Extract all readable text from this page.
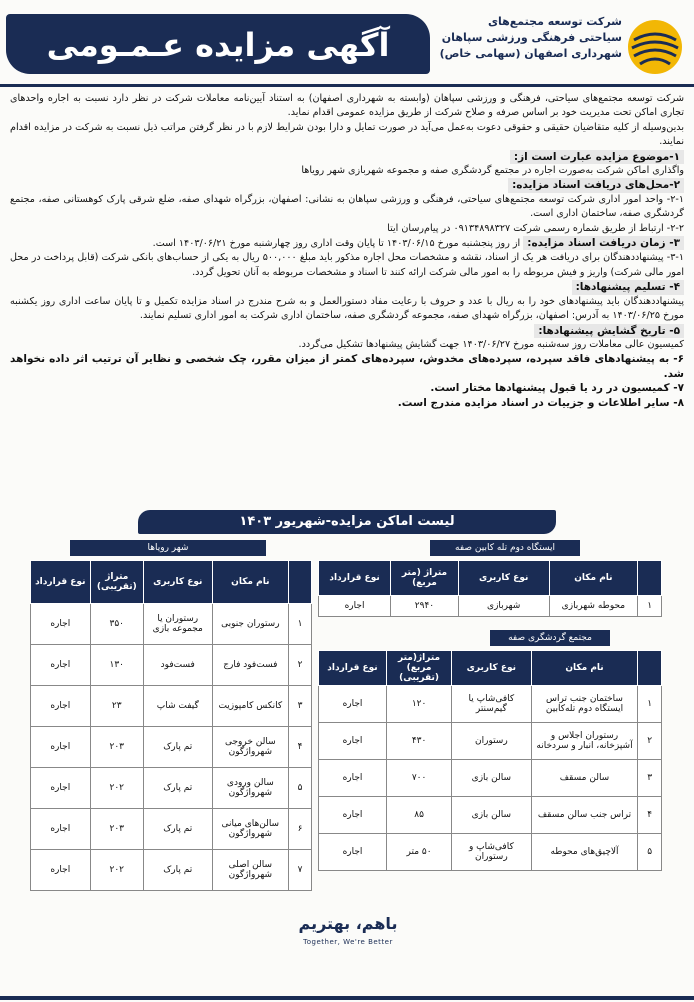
آگهی مزایده عـمـومی
شرکت توسعه مجتمع‌های
سیاحتی فرهنگی ورزشی سپاهان
شهرداری اصفهان (سهامی خاص)

شرکت توسعه مجتمع‌های سیاحتی، فرهنگی و ورزشی سپاهان (وابسته به شهرداری اصفهان) به استناد آیین‌نامه معاملات شرکت در نظر دارد نسبت به اجاره واحدهای تجاری اماکن تحت مدیریت خود بر اساس صرفه و صلاح شرکت از طریق مزایده عمومی اقدام نماید.

بدین‌وسیله از کلیه متقاضیان حقیقی و حقوقی دعوت به‌عمل می‌آید در صورت تمایل و دارا بودن شرایط لازم با در نظر گرفتن مراتب ذیل نسبت به شرکت در مزایده اقدام نمایند.

۱-موضوع مزایده عبارت است از:

واگذاری اماکن شرکت به‌صورت اجاره در مجتمع گردشگری صفه و مجموعه شهربازی شهر رویاها

۲-محل‌های دریافت اسناد مزایده:

۲-۱- واحد امور اداری شرکت توسعه مجتمع‌های سیاحتی، فرهنگی و ورزشی سپاهان به نشانی: اصفهان، بزرگراه شهدای صفه، ضلع شرقی پارک کوهستانی صفه، مجتمع گردشگری صفه، ساختمان اداری است.

۲-۲- ارتباط از طریق شماره رسمی شرکت ۰۹۱۳۴۸۹۸۳۲۷ در پیام‌رسان ایتا

۳- زمان دریافت اسناد مزایده: از روز پنجشنبه مورخ ۱۴۰۳/۰۶/۱۵ تا پایان وقت اداری روز چهارشنبه مورخ ۱۴۰۳/۰۶/۲۱ است.

۳-۱- پیشنهاددهندگان برای دریافت هر یک از اسناد، نقشه و مشخصات محل اجاره مذکور باید مبلغ ۵۰۰,۰۰۰ ریال به یکی از حساب‌های بانکی شرکت (قابل پرداخت در محل امور مالی شرکت) واریز و فیش مربوطه را به امور مالی شرکت ارائه کنند تا اسناد و مشخصات مربوطه به آنان تحویل گردد.

۴- تسلیم پیشنهادها:

پیشنهاددهندگان باید پیشنهادهای خود را به ریال با عدد و حروف با رعایت مفاد دستورالعمل و به شرح مندرج در اسناد مزایده تکمیل و تا پایان ساعت اداری روز یکشنبه مورخ ۱۴۰۳/۰۶/۲۵ به آدرس: اصفهان، بزرگراه شهدای صفه، مجموعه گردشگری صفه، ساختمان اداری شرکت به امور اداری تسلیم نمایند.

۵- تاریخ گشایش پیشنهادها:

کمیسیون عالی معاملات روز سه‌شنبه مورخ ۱۴۰۳/۰۶/۲۷ جهت گشایش پیشنهادها تشکیل می‌گردد.

۶- به پیشنهادهای فاقد سپرده، سپرده‌های مخدوش، سپرده‌های کمتر از میزان مقرر، چک شخصی و نظایر آن ترتیب اثر داده نخواهد شد.

۷- کمیسیون در رد یا قبول پیشنهادها مختار است.

۸- سایر اطلاعات و جزییات در اسناد مزایده مندرج است.

لیست اماکن مزایده-شهریور ۱۴۰۳
ایستگاه دوم تله کابین صفه
	نام مکان	نوع کاربری	متراژ (متر مربع)	نوع قرارداد
۱	محوطه شهربازی	شهربازی	۲۹۴۰	اجاره
مجتمع گردشگری صفه
	نام مکان	نوع کاربری	متراژ(متر مربع) (تقریبی)	نوع قرارداد
۱	ساختمان جنب تراس ایستگاه دوم تله‌کابین	کافی‌شاپ یا گیم‌سنتر	۱۲۰	اجاره
۲	رستوران اجلاس و آشپزخانه، انبار و سردخانه	رستوران	۴۳۰	اجاره
۳	سالن مسقف	سالن بازی	۷۰۰	اجاره
۴	تراس جنب سالن مسقف	سالن بازی	۸۵	اجاره
۵	آلاچیق‌های محوطه	کافی‌شاپ و رستوران	۵۰ متر	اجاره
شهر رویاها
	نام مکان	نوع کاربری	متراژ (تقریبی)	نوع قرارداد
۱	رستوران جنوبی	رستوران یا مجموعه بازی	۳۵۰	اجاره
۲	فست‌فود فارج	فست‌فود	۱۳۰	اجاره
۳	کانکس کامپوزیت	گیفت شاپ	۲۳	اجاره
۴	سالن خروجی شهرواژگون	تم پارک	۲۰۳	اجاره
۵	سالن ورودی شهرواژگون	تم پارک	۲۰۲	اجاره
۶	سالن‌های میانی شهرواژگون	تم پارک	۲۰۳	اجاره
۷	سالن اصلی شهرواژگون	تم پارک	۲۰۲	اجاره
باهم، بهتریم
Together, We're Better
